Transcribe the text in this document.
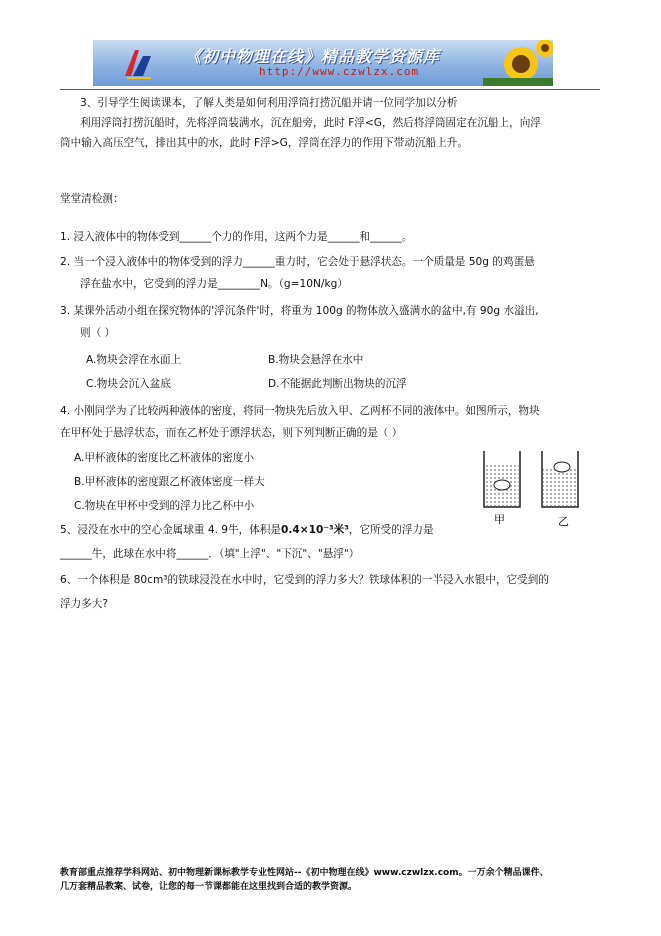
《初中物理在线》精品教学资源库
http://www.czwlzx.com
3、引导学生阅读课本，了解人类是如何利用浮筒打捞沉船并请一位同学加以分析
利用浮筒打捞沉船时，先将浮筒装满水，沉在船旁，此时 F浮<G，然后将浮筒固定在沉船上，向浮
筒中输入高压空气，排出其中的水，此时 F浮>G，浮筒在浮力的作用下带动沉船上升。
堂堂清检测：
1. 浸入液体中的物体受到______个力的作用，这两个力是______和______。
2. 当一个浸入液体中的物体受到的浮力______重力时，它会处于悬浮状态。一个质量是 50g 的鸡蛋悬
浮在盐水中，它受到的浮力是________N。（g=10N/kg）
3. 某课外活动小组在探究物体的'浮沉条件'时，将重为 100g 的物体放入盛满水的盆中,有 90g 水溢出,
则（ ）
A.物块会浮在水面上	B.物块会悬浮在水中
C.物块会沉入盆底	D.不能据此判断出物块的沉浮
4. 小刚同学为了比较两种液体的密度，将同一物块先后放入甲、乙两杯不同的液体中。如图所示，物块
在甲杯处于悬浮状态，而在乙杯处于漂浮状态，则下列判断正确的是（ ）
A.甲杯液体的密度比乙杯液体的密度小
B.甲杯液体的密度跟乙杯液体密度一样大
C.物块在甲杯中受到的浮力比乙杯中小
5、浸没在水中的空心金属球重 4. 9牛，体积是0.4×10⁻³米³，它所受的浮力是
______牛，此球在水中将______．（填"上浮"、"下沉"、"悬浮"）
6、一个体积是 80cm³的铁球浸没在水中时，它受到的浮力多大？铁球体积的一半浸入水银中，它受到的
浮力多大?
甲	乙
教育部重点推荐学科网站、初中物理新课标教学专业性网站--《初中物理在线》www.czwlzx.com。一万余个精品课件、
几万套精品教案、试卷，让您的每一节课都能在这里找到合适的教学资源。
